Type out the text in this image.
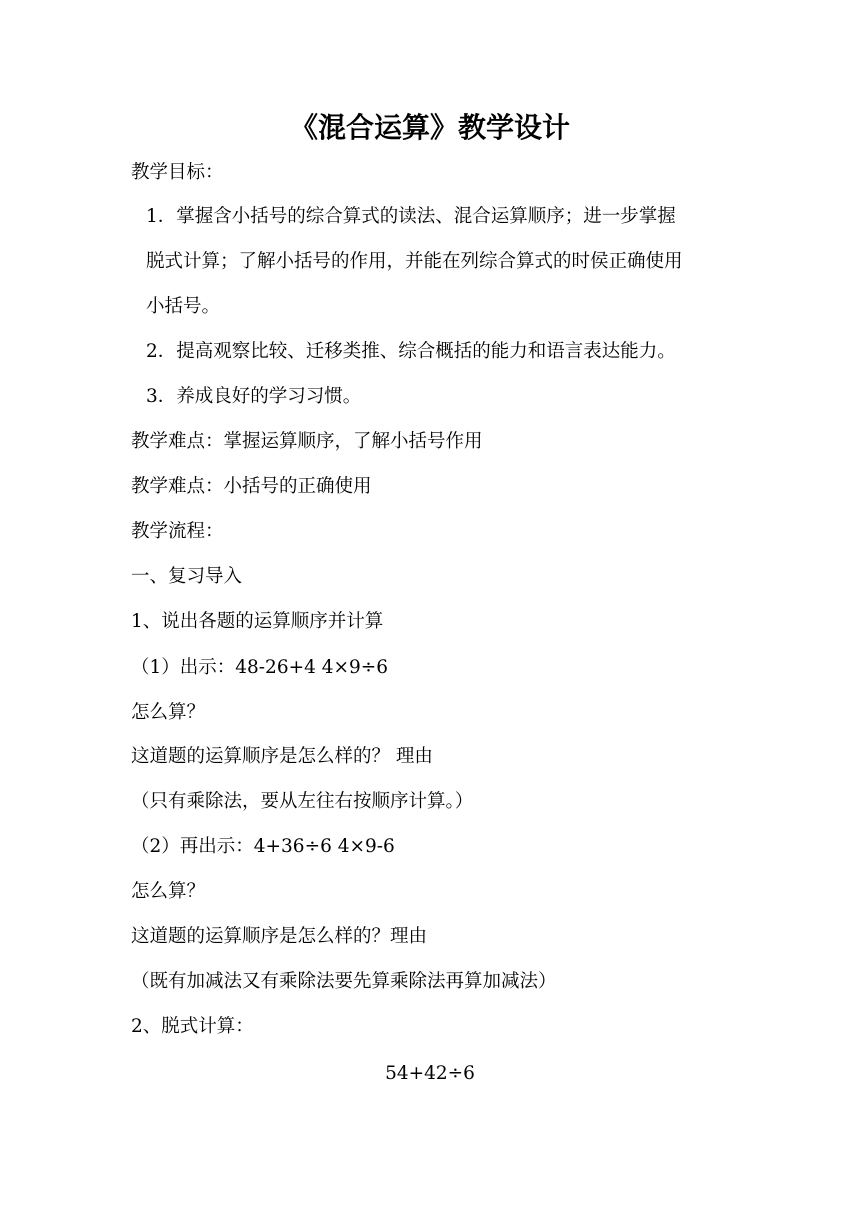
《混合运算》教学设计
教学目标：
1．掌握含小括号的综合算式的读法、混合运算顺序；进一步掌握
脱式计算；了解小括号的作用，并能在列综合算式的时侯正确使用
小括号。
2．提高观察比较、迁移类推、综合概括的能力和语言表达能力。
3．养成良好的学习习惯。
教学难点：掌握运算顺序，了解小括号作用
教学难点：小括号的正确使用
教学流程：
一、复习导入
1、说出各题的运算顺序并计算
（1）出示：48-26+4 4×9÷6
怎么算？
这道题的运算顺序是怎么样的？ 理由
（只有乘除法，要从左往右按顺序计算。）
（2）再出示：4+36÷6 4×9-6
怎么算？
这道题的运算顺序是怎么样的？理由
（既有加减法又有乘除法要先算乘除法再算加减法）
2、脱式计算：
54+42÷6
